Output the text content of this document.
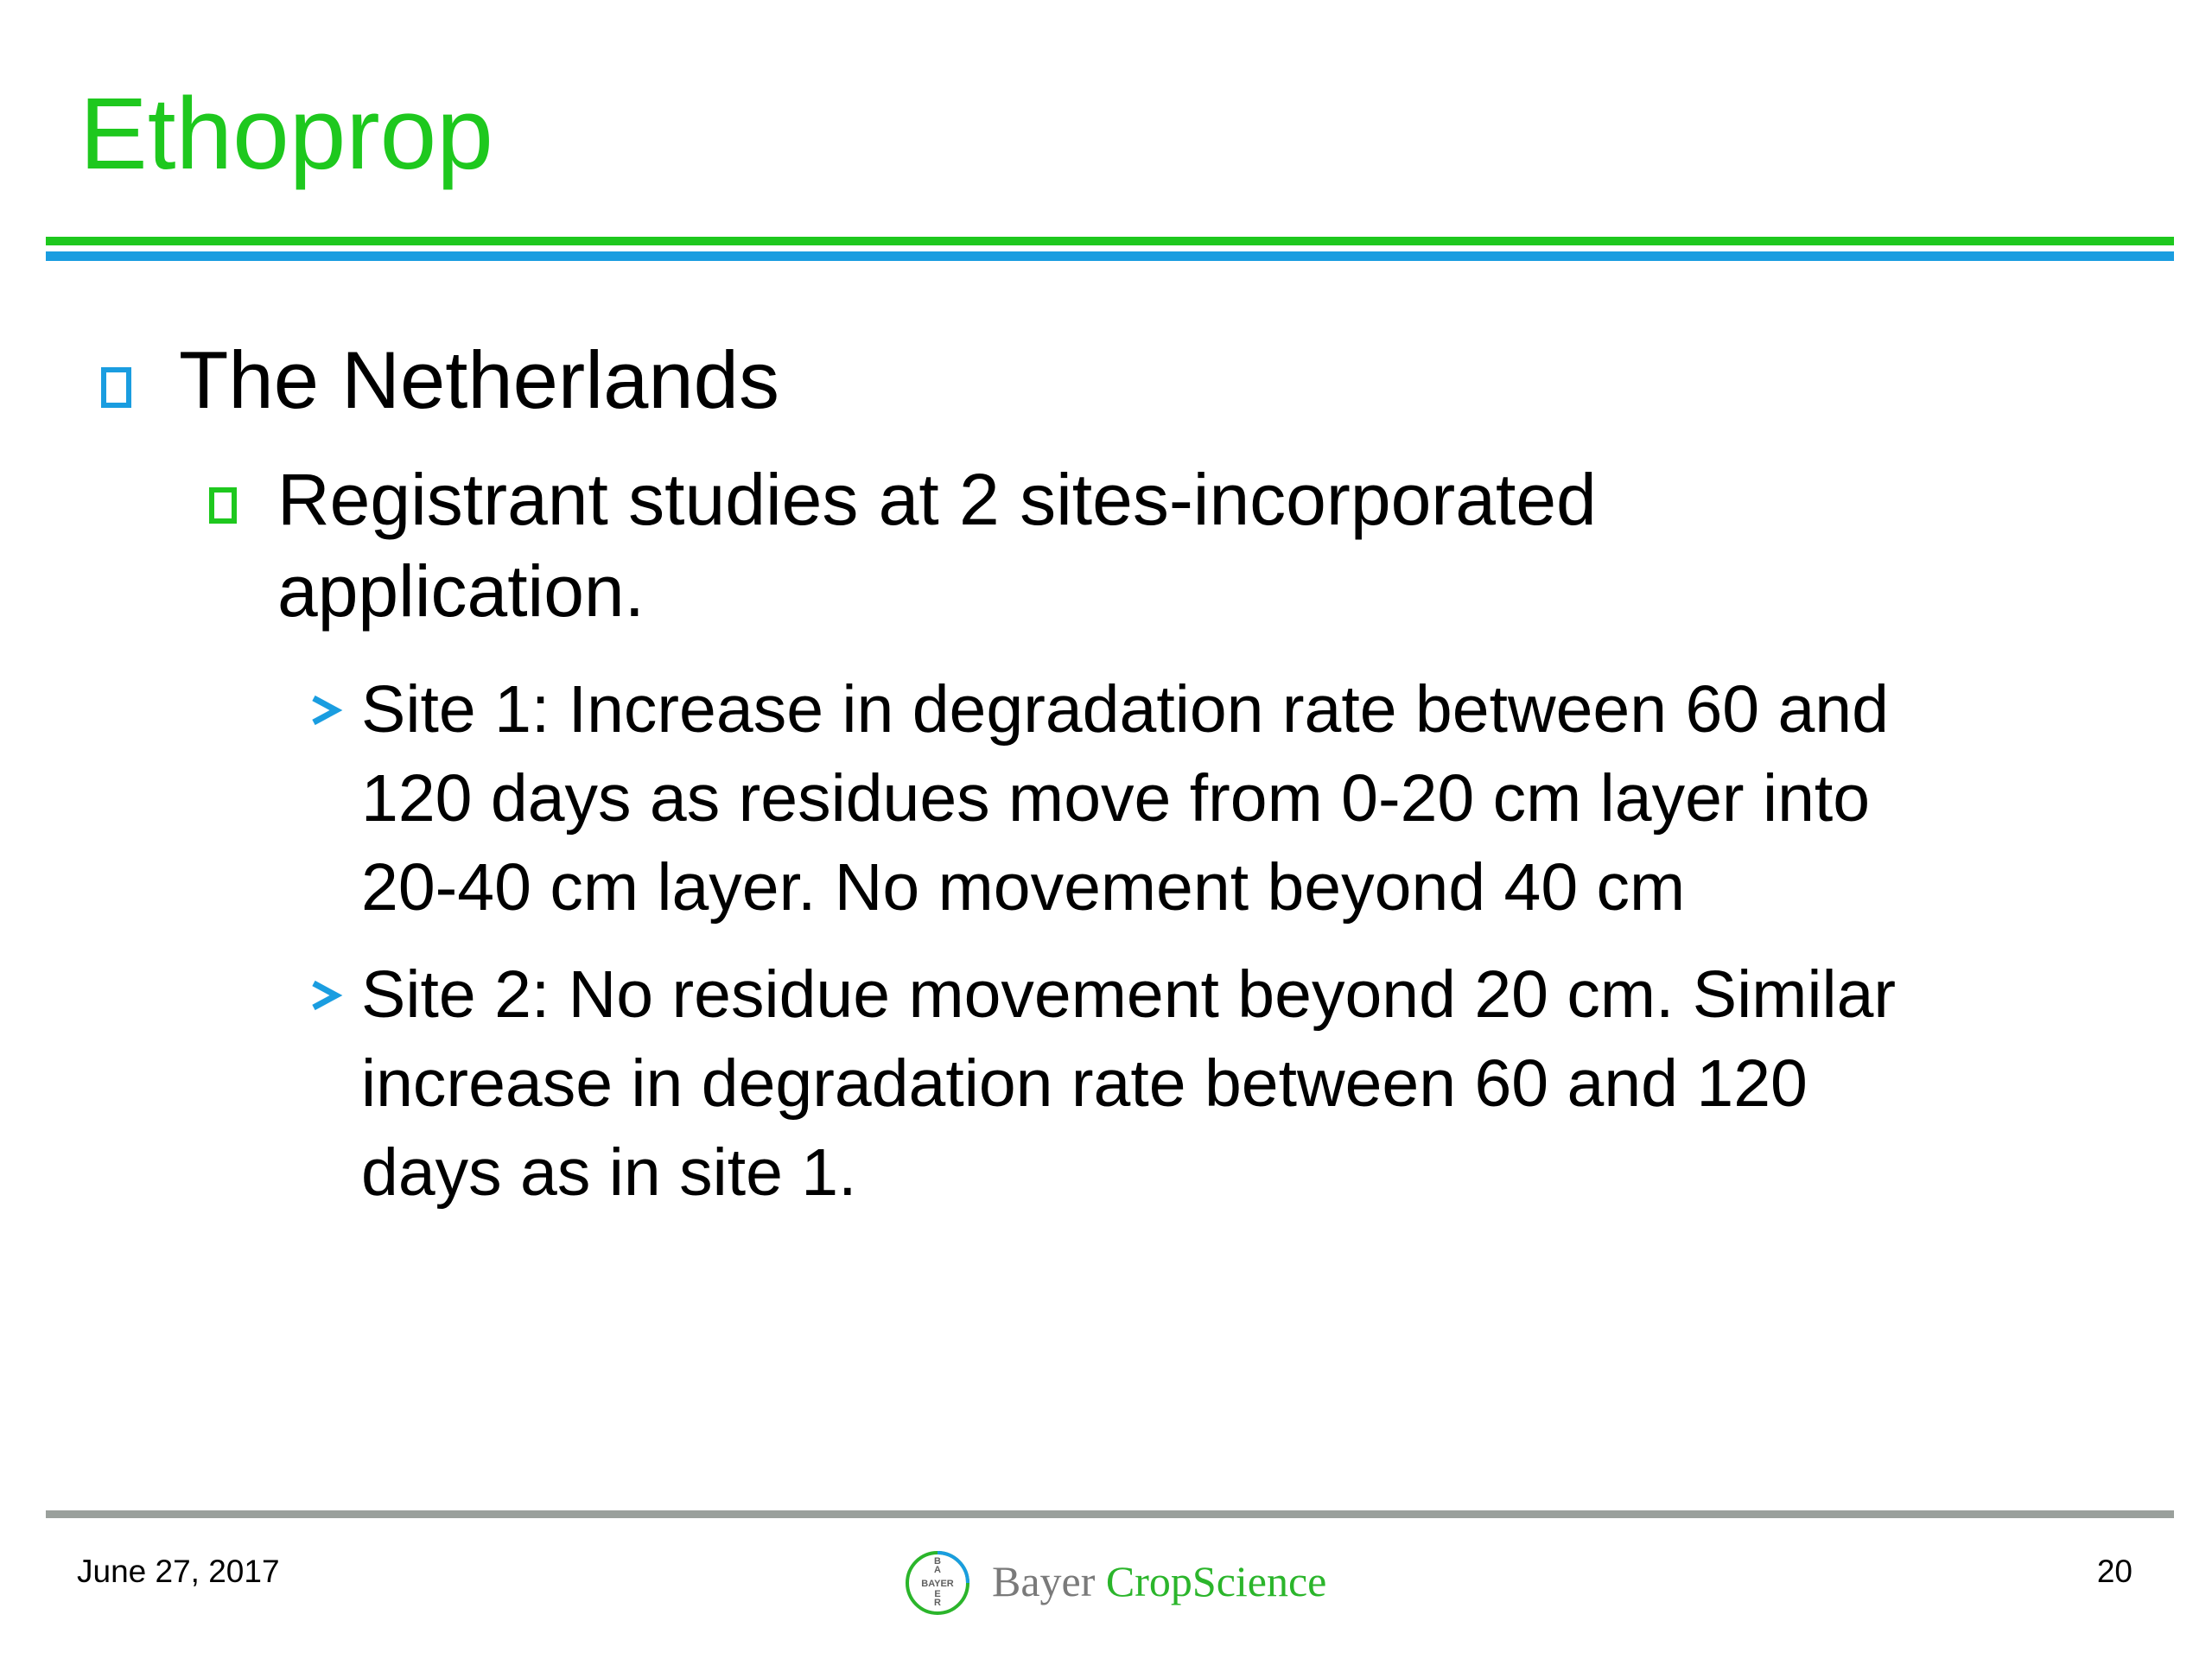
Ethoprop

The Netherlands

Registrant studies at 2 sites-incorporated
application.
Site 1: Increase in degradation rate between 60 and
120 days as residues move from 0-20 cm layer into
20-40 cm layer. No movement beyond 40 cm
Site 2: No residue movement beyond 20 cm. Similar
increase in degradation rate between 60 and 120
days as in site 1.
June 27, 2017	B
A
BAYER
E
R Bayer CropScience	20
